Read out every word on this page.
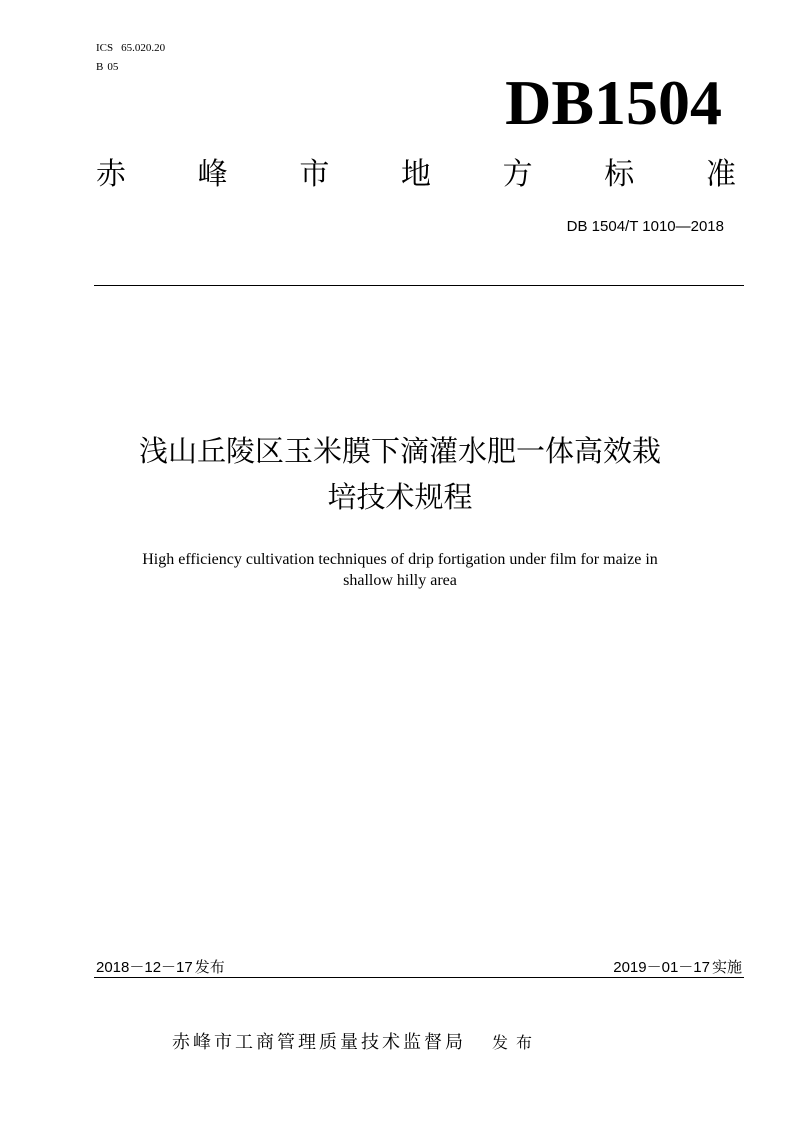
ICS 65.020.20
B 05	DB1504
赤 峰 市 地 方 标 准
DB 1504/T 1010—2018
浅山丘陵区玉米膜下滴灌水肥一体高效栽
培技术规程
High efficiency cultivation techniques of drip fortigation under film for maize in
shallow hilly area
2018－12－17 发布	2019－01－17 实施
赤峰市工商管理质量技术监督局 发布
